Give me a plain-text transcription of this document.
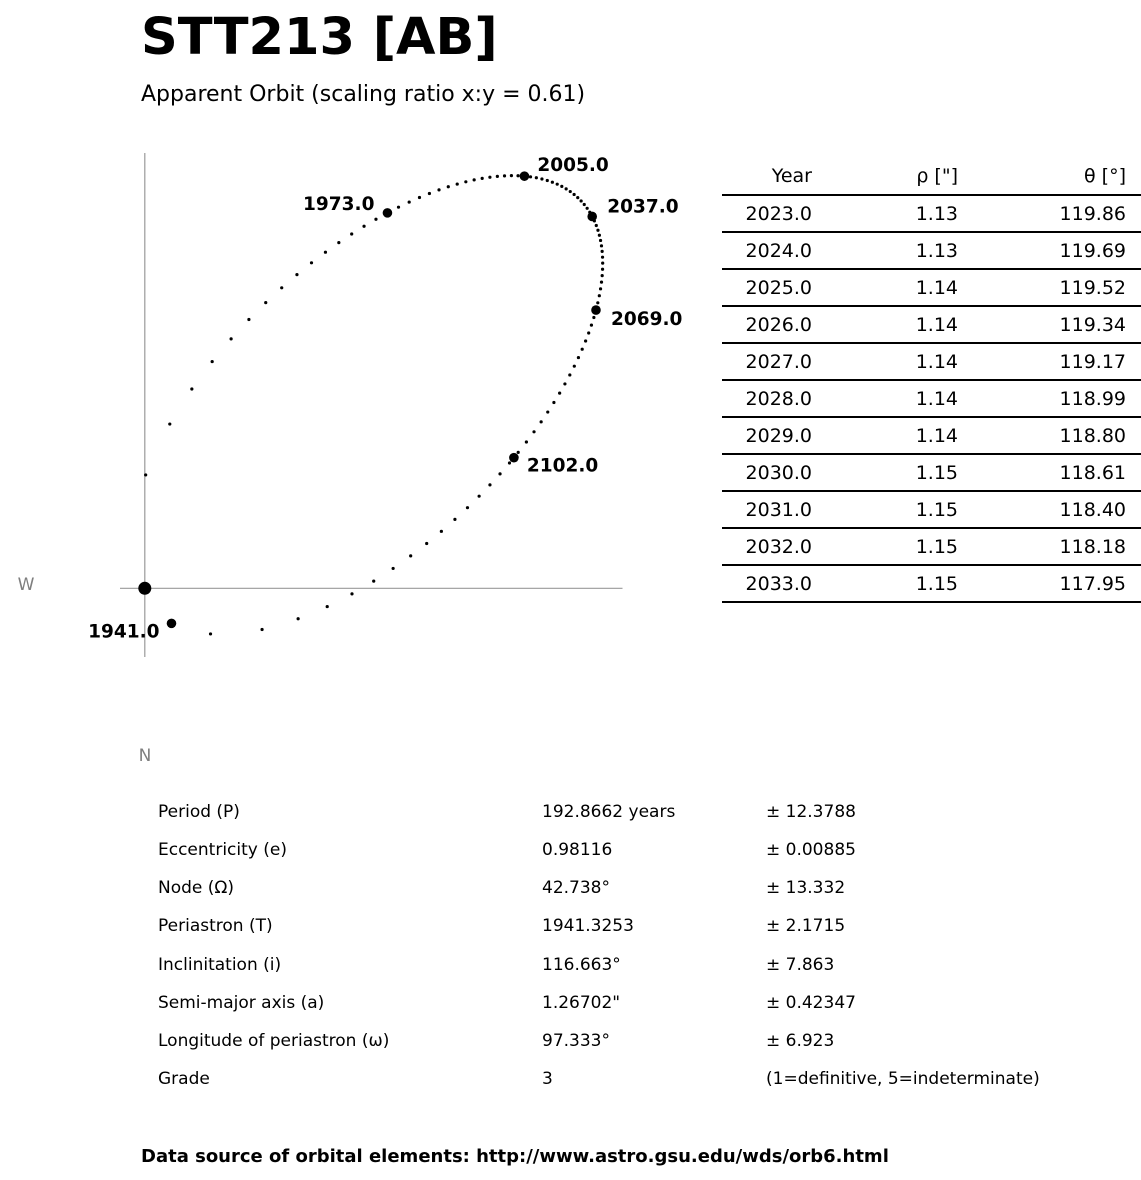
STT213 [AB]
Apparent Orbit (scaling ratio x:y = 0.61)
W
N
1941.0
1973.0
2005.0
2037.0
2069.0
2102.0
Year	ρ ["]	θ [°]
2023.0	1.13	119.86
2024.0	1.13	119.69
2025.0	1.14	119.52
2026.0	1.14	119.34
2027.0	1.14	119.17
2028.0	1.14	118.99
2029.0	1.14	118.80
2030.0	1.15	118.61
2031.0	1.15	118.40
2032.0	1.15	118.18
2033.0	1.15	117.95
Period (P)	192.8662 years	± 12.3788
Eccentricity (e)	0.98116	± 0.00885
Node (Ω)	42.738°	± 13.332
Periastron (T)	1941.3253	± 2.1715
Inclinitation (i)	116.663°	± 7.863
Semi-major axis (a)	1.26702"	± 0.42347
Longitude of periastron (ω)	97.333°	± 6.923
Grade	3	(1=definitive, 5=indeterminate)
Data source of orbital elements: http://www.astro.gsu.edu/wds/orb6.html
